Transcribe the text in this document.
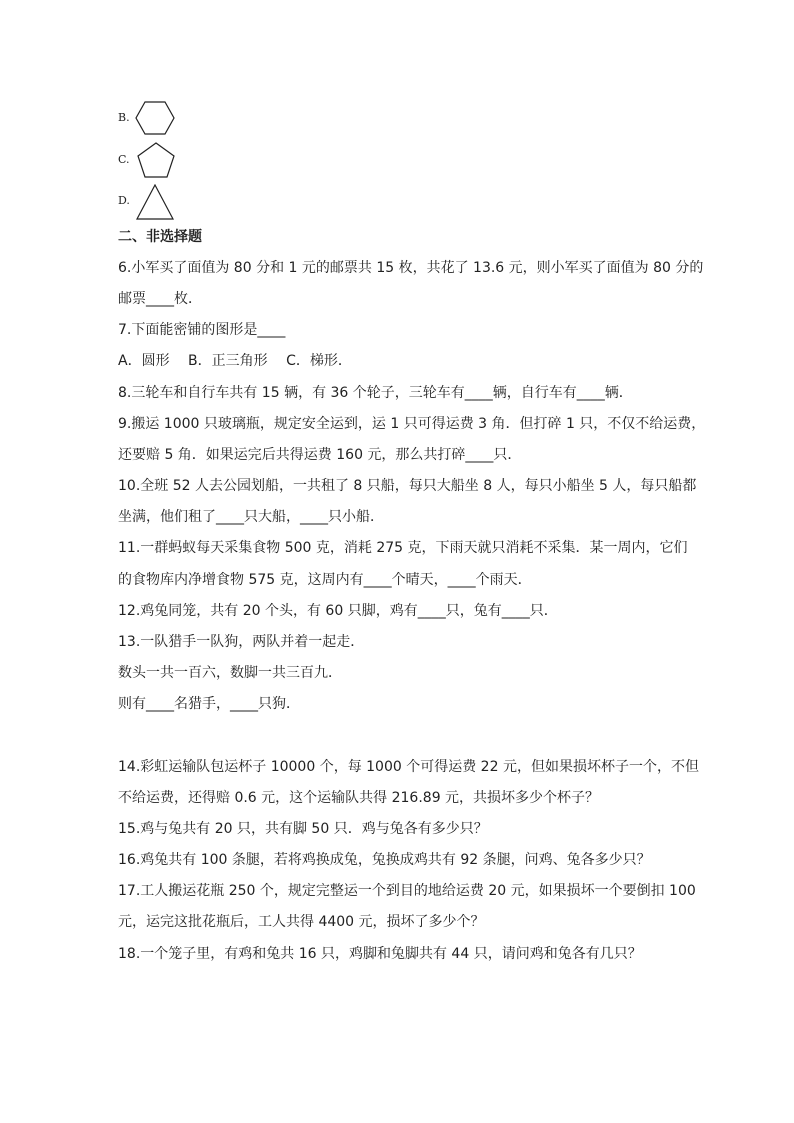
B.
C.
D.
二、非选择题
6.小军买了面值为 80 分和 1 元的邮票共 15 枚，共花了 13.6 元，则小军买了面值为 80 分的
邮票____枚．
7.下面能密铺的图形是____
A．圆形　 B．正三角形　 C．梯形．
8.三轮车和自行车共有 15 辆，有 36 个轮子，三轮车有____辆，自行车有____辆．
9.搬运 1000 只玻璃瓶，规定安全运到，运 1 只可得运费 3 角．但打碎 1 只，不仅不给运费，
还要赔 5 角．如果运完后共得运费 160 元，那么共打碎____只．
10.全班 52 人去公园划船，一共租了 8 只船，每只大船坐 8 人，每只小船坐 5 人，每只船都
坐满，他们租了____只大船，____只小船．
11.一群蚂蚁每天采集食物 500 克，消耗 275 克，下雨天就只消耗不采集．某一周内，它们
的食物库内净增食物 575 克，这周内有____个晴天，____个雨天．
12.鸡兔同笼，共有 20 个头，有 60 只脚，鸡有____只，兔有____只．
13.一队猎手一队狗，两队并着一起走．
数头一共一百六，数脚一共三百九．
则有____名猎手，____只狗．
14.彩虹运输队包运杯子 10000 个，每 1000 个可得运费 22 元，但如果损坏杯子一个，不但
不给运费，还得赔 0.6 元，这个运输队共得 216.89 元，共损坏多少个杯子？
15.鸡与兔共有 20 只，共有脚 50 只．鸡与兔各有多少只？
16.鸡兔共有 100 条腿，若将鸡换成兔，兔换成鸡共有 92 条腿，问鸡、兔各多少只？
17.工人搬运花瓶 250 个，规定完整运一个到目的地给运费 20 元，如果损坏一个要倒扣 100
元，运完这批花瓶后，工人共得 4400 元，损坏了多少个？
18.一个笼子里，有鸡和兔共 16 只，鸡脚和兔脚共有 44 只，请问鸡和兔各有几只？
